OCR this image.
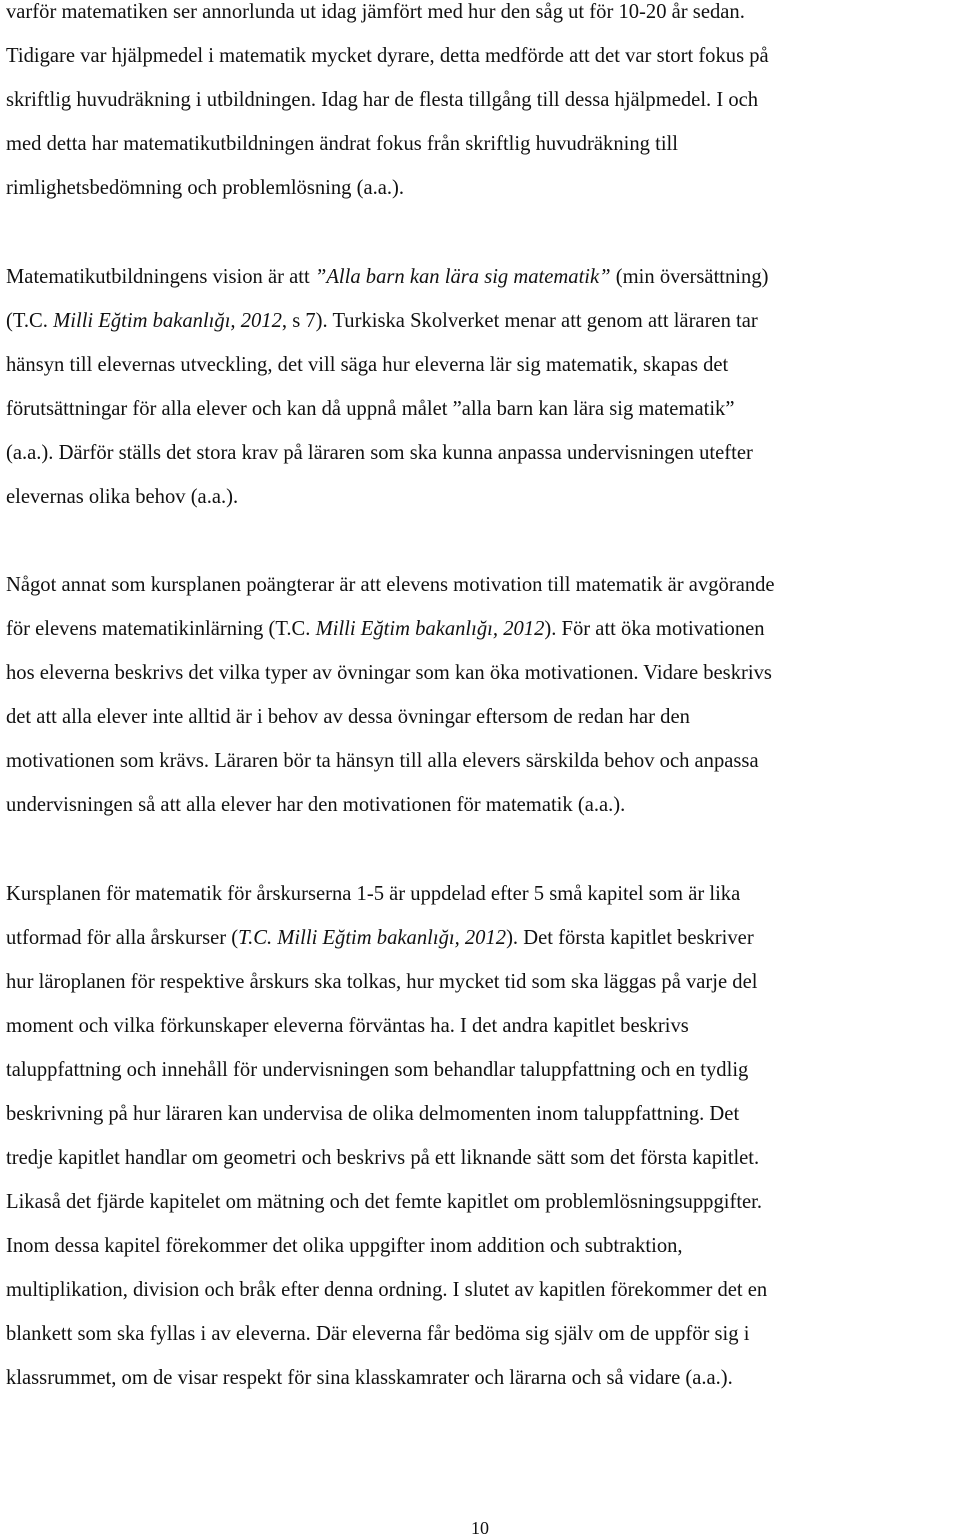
varför matematiken ser annorlunda ut idag jämfört med hur den såg ut för 10-20 år sedan.
Tidigare var hjälpmedel i matematik mycket dyrare, detta medförde att det var stort fokus på
skriftlig huvudräkning i utbildningen. Idag har de flesta tillgång till dessa hjälpmedel. I och
med detta har matematikutbildningen ändrat fokus från skriftlig huvudräkning till
rimlighetsbedömning och problemlösning (a.a.).
Matematikutbildningens vision är att ”Alla barn kan lära sig matematik” (min översättning)
(T.C. Milli Eğtim bakanlığı, 2012, s 7). Turkiska Skolverket menar att genom att läraren tar
hänsyn till elevernas utveckling, det vill säga hur eleverna lär sig matematik, skapas det
förutsättningar för alla elever och kan då uppnå målet ”alla barn kan lära sig matematik”
(a.a.). Därför ställs det stora krav på läraren som ska kunna anpassa undervisningen utefter
elevernas olika behov (a.a.).
Något annat som kursplanen poängterar är att elevens motivation till matematik är avgörande
för elevens matematikinlärning (T.C. Milli Eğtim bakanlığı, 2012). För att öka motivationen
hos eleverna beskrivs det vilka typer av övningar som kan öka motivationen. Vidare beskrivs
det att alla elever inte alltid är i behov av dessa övningar eftersom de redan har den
motivationen som krävs. Läraren bör ta hänsyn till alla elevers särskilda behov och anpassa
undervisningen så att alla elever har den motivationen för matematik (a.a.).
Kursplanen för matematik för årskurserna 1-5 är uppdelad efter 5 små kapitel som är lika
utformad för alla årskurser (T.C. Milli Eğtim bakanlığı, 2012). Det första kapitlet beskriver
hur läroplanen för respektive årskurs ska tolkas, hur mycket tid som ska läggas på varje del
moment och vilka förkunskaper eleverna förväntas ha. I det andra kapitlet beskrivs
taluppfattning och innehåll för undervisningen som behandlar taluppfattning och en tydlig
beskrivning på hur läraren kan undervisa de olika delmomenten inom taluppfattning. Det
tredje kapitlet handlar om geometri och beskrivs på ett liknande sätt som det första kapitlet.
Likaså det fjärde kapitelet om mätning och det femte kapitlet om problemlösningsuppgifter.
Inom dessa kapitel förekommer det olika uppgifter inom addition och subtraktion,
multiplikation, division och bråk efter denna ordning. I slutet av kapitlen förekommer det en
blankett som ska fyllas i av eleverna. Där eleverna får bedöma sig själv om de uppför sig i
klassrummet, om de visar respekt för sina klasskamrater och lärarna och så vidare (a.a.).
10
